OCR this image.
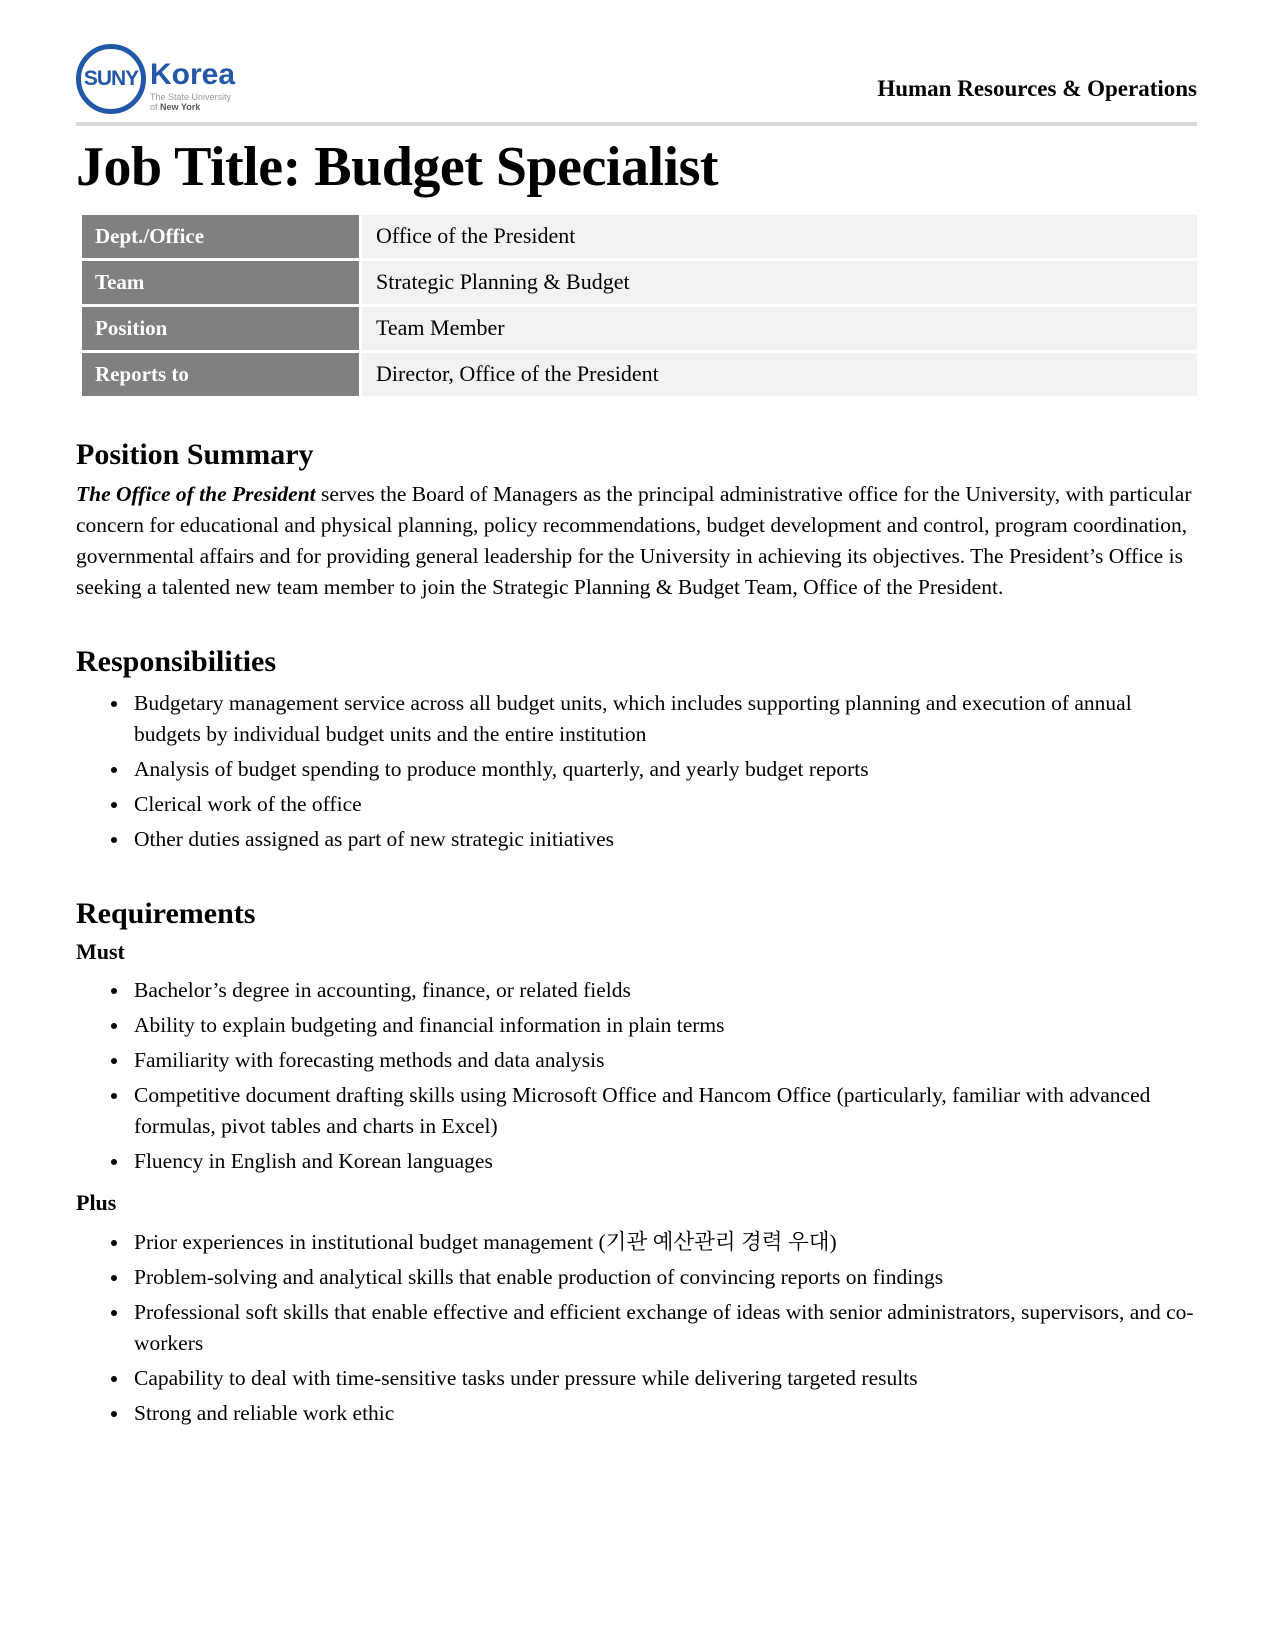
SUNY Korea
The State University
of New York
Human Resources & Operations
Job Title: Budget Specialist
Dept./Office	Office of the President
Team	Strategic Planning & Budget
Position	Team Member
Reports to	Director, Office of the President
Position Summary

The Office of the President serves the Board of Managers as the principal administrative office for the University, with particular concern for educational and physical planning, policy recommendations, budget development and control, program coordination, governmental affairs and for providing general leadership for the University in achieving its objectives. The President’s Office is seeking a talented new team member to join the Strategic Planning & Budget Team, Office of the President.

Responsibilities
• Budgetary management service across all budget units, which includes supporting planning and execution of annual budgets by individual budget units and the entire institution
• Analysis of budget spending to produce monthly, quarterly, and yearly budget reports
• Clerical work of the office
• Other duties assigned as part of new strategic initiatives
Requirements
Must
• Bachelor’s degree in accounting, finance, or related fields
• Ability to explain budgeting and financial information in plain terms
• Familiarity with forecasting methods and data analysis
• Competitive document drafting skills using Microsoft Office and Hancom Office (particularly, familiar with advanced formulas, pivot tables and charts in Excel)
• Fluency in English and Korean languages
Plus
• Prior experiences in institutional budget management (기관 예산관리 경력 우대)
• Problem-solving and analytical skills that enable production of convincing reports on findings
• Professional soft skills that enable effective and efficient exchange of ideas with senior administrators, supervisors, and co-workers
• Capability to deal with time-sensitive tasks under pressure while delivering targeted results
• Strong and reliable work ethic
